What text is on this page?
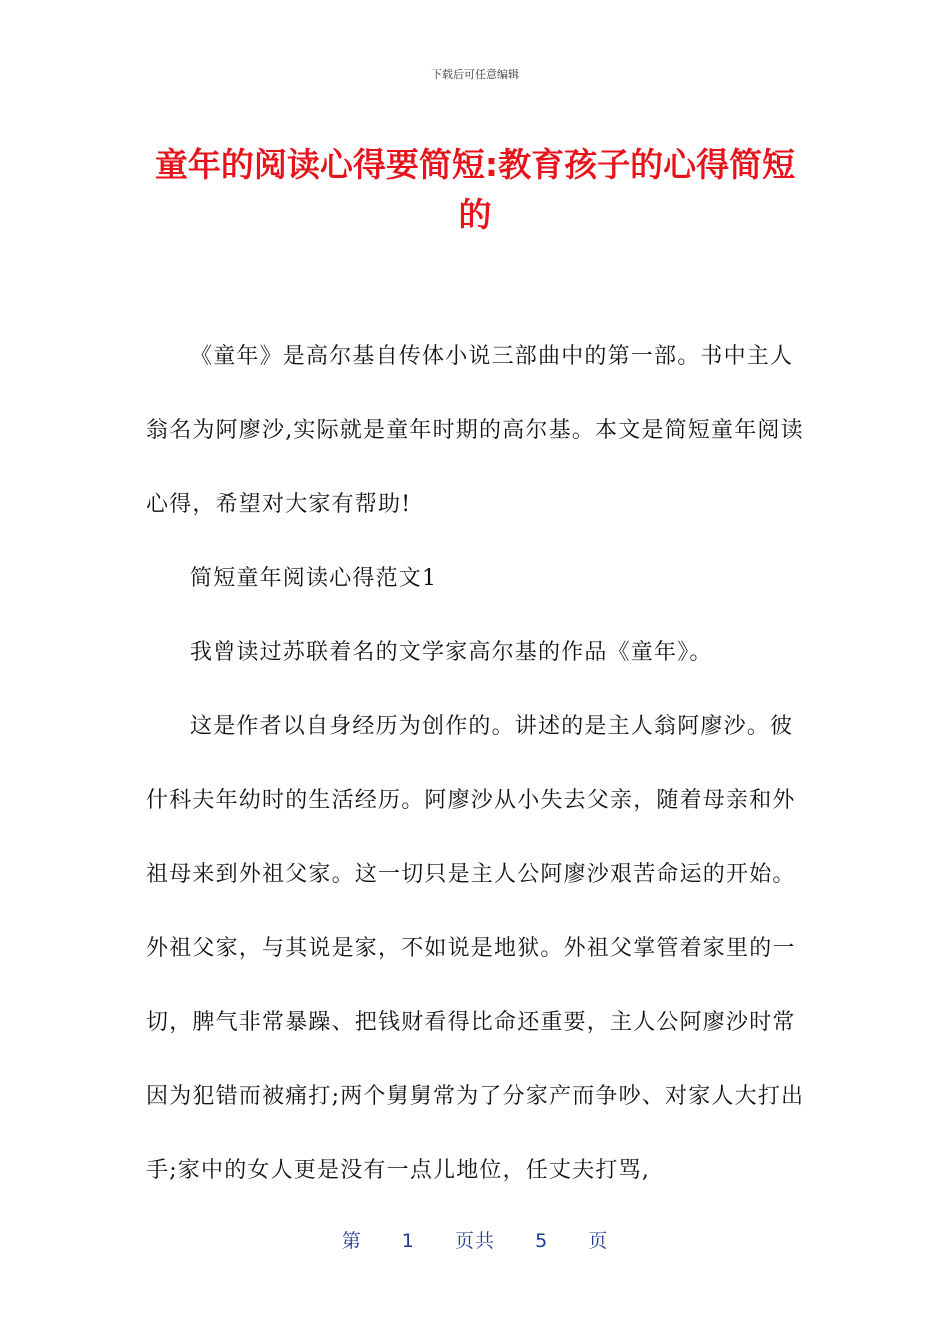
下载后可任意编辑
童年的阅读心得要简短:教育孩子的心得简短的

《童年》是高尔基自传体小说三部曲中的第一部。书中主人翁名为阿廖沙,实际就是童年时期的高尔基。本文是简短童年阅读心得，希望对大家有帮助!

简短童年阅读心得范文1

我曾读过苏联着名的文学家高尔基的作品《童年》。

这是作者以自身经历为创作的。讲述的是主人翁阿廖沙。彼什科夫年幼时的生活经历。阿廖沙从小失去父亲，随着母亲和外祖母来到外祖父家。这一切只是主人公阿廖沙艰苦命运的开始。外祖父家，与其说是家，不如说是地狱。外祖父掌管着家里的一切，脾气非常暴躁、把钱财看得比命还重要，主人公阿廖沙时常因为犯错而被痛打;两个舅舅常为了分家产而争吵、对家人大打出手;家中的女人更是没有一点儿地位，任丈夫打骂,

第 1 页共 5 页
